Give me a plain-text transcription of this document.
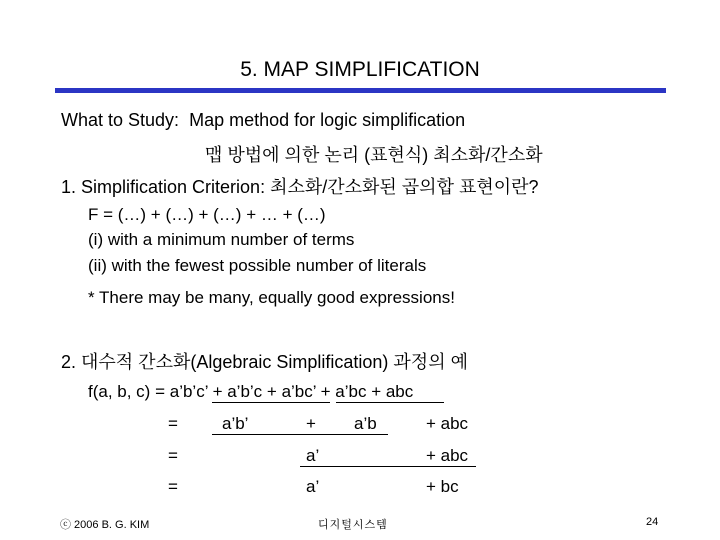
5. MAP SIMPLIFICATION
What to Study: Map method for logic simplification
맵 방법에 의한 논리 (표현식) 최소화/간소화
1. Simplification Criterion: 최소화/간소화된 곱의합 표현이란?
F = (…) + (…) + (…) + … + (…)
(i) with a minimum number of terms
(ii) with the fewest possible number of literals
* There may be many, equally good expressions!
2. 대수적 간소화(Algebraic Simplification) 과정의 예
f(a, b, c) = a’b’c’ + a’b’c + a’bc’ + a’bc + abc
=	a’b’	+ a’b	+ abc
=	a’	+ abc
=	a’	+ bc
ⓒ 2006 B. G. KIM	디지털시스템	24
